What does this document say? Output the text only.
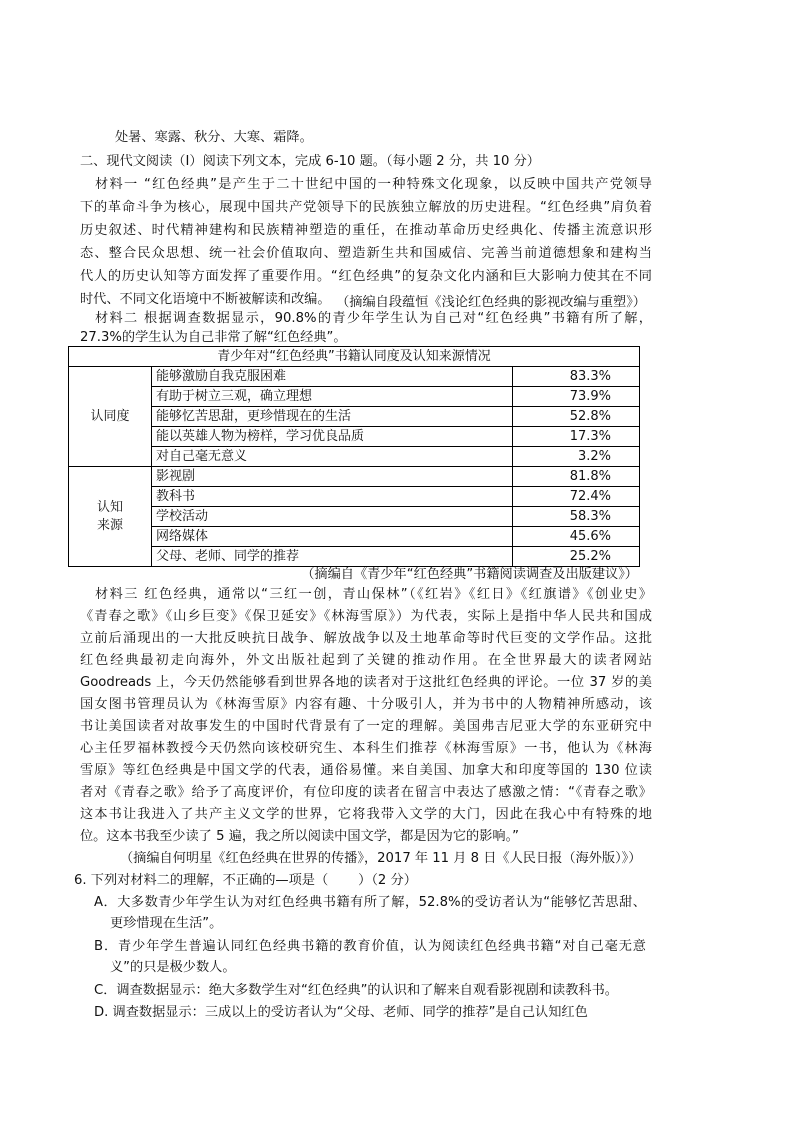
处暑、寒露、秋分、大寒、霜降。
二、现代文阅读（Ⅰ）阅读下列文本，完成 6-10 题。（每小题 2 分，共 10 分）
材料一 “红色经典”是产生于二十世纪中国的一种特殊文化现象，以反映中国共产党领导
下的革命斗争为核心，展现中国共产党领导下的民族独立解放的历史进程。“红色经典”肩负着
历史叙述、时代精神建构和民族精神塑造的重任，在推动革命历史经典化、传播主流意识形
态、整合民众思想、统一社会价值取向、塑造新生共和国威信、完善当前道德想象和建构当
代人的历史认知等方面发挥了重要作用。“红色经典”的复杂文化内涵和巨大影响力使其在不同
时代、不同文化语境中不断被解读和改编。 （摘编自段蕴恒《浅论红色经典的影视改编与重塑》）
材料二 根据调查数据显示，90.8%的青少年学生认为自己对“红色经典”书籍有所了解，
27.3%的学生认为自己非常了解“红色经典”。
青少年对“红色经典”书籍认同度及认知来源情况		
认同度	能够激励自我克服困难	83.3%
	有助于树立三观，确立理想	73.9%
	能够忆苦思甜，更珍惜现在的生活	52.8%
	能以英雄人物为榜样，学习优良品质	17.3%
	对自己毫无意义	3.2%

认知
来源	影视剧	81.8%
	教科书	72.4%
	学校活动	58.3%
	网络媒体	45.6%
	父母、老师、同学的推荐	25.2%
（摘编自《青少年“红色经典”书籍阅读调查及出版建议》）
材料三 红色经典，通常以“三红一创，青山保林”（《红岩》《红日》《红旗谱》《创业史》
《青春之歌》《山乡巨变》《保卫延安》《林海雪原》）为代表，实际上是指中华人民共和国成
立前后涌现出的一大批反映抗日战争、解放战争以及土地革命等时代巨变的文学作品。这批
红色经典最初走向海外，外文出版社起到了关键的推动作用。在全世界最大的读者网站
Goodreads 上，今天仍然能够看到世界各地的读者对于这批红色经典的评论。一位 37 岁的美
国女图书管理员认为《林海雪原》内容有趣、十分吸引人，并为书中的人物精神所感动，该
书让美国读者对故事发生的中国时代背景有了一定的理解。美国弗吉尼亚大学的东亚研究中
心主任罗福林教授今天仍然向该校研究生、本科生们推荐《林海雪原》一书，他认为《林海
雪原》等红色经典是中国文学的代表，通俗易懂。来自美国、加拿大和印度等国的 130 位读
者对《青春之歌》给予了高度评价，有位印度的读者在留言中表达了感激之情：“《青春之歌》
这本书让我进入了共产主义文学的世界，它将我带入文学的大门，因此在我心中有特殊的地
位。这本书我至少读了 5 遍，我之所以阅读中国文学，都是因为它的影响。”
（摘编自何明星《红色经典在世界的传播》，2017 年 11 月 8 日《人民日报（海外版）》）
6. 下列对材料二的理解，不正确的—项是（ ）（2 分）
A．大多数青少年学生认为对红色经典书籍有所了解，52.8%的受访者认为“能够忆苦思甜、
更珍惜现在生活”。
B．青少年学生普遍认同红色经典书籍的教育价值，认为阅读红色经典书籍“对自己毫无意
义”的只是极少数人。
C．调查数据显示：绝大多数学生对“红色经典”的认识和了解来自观看影视剧和读教科书。
D. 调查数据显示：三成以上的受访者认为“父母、老师、同学的推荐”是自己认知红色
